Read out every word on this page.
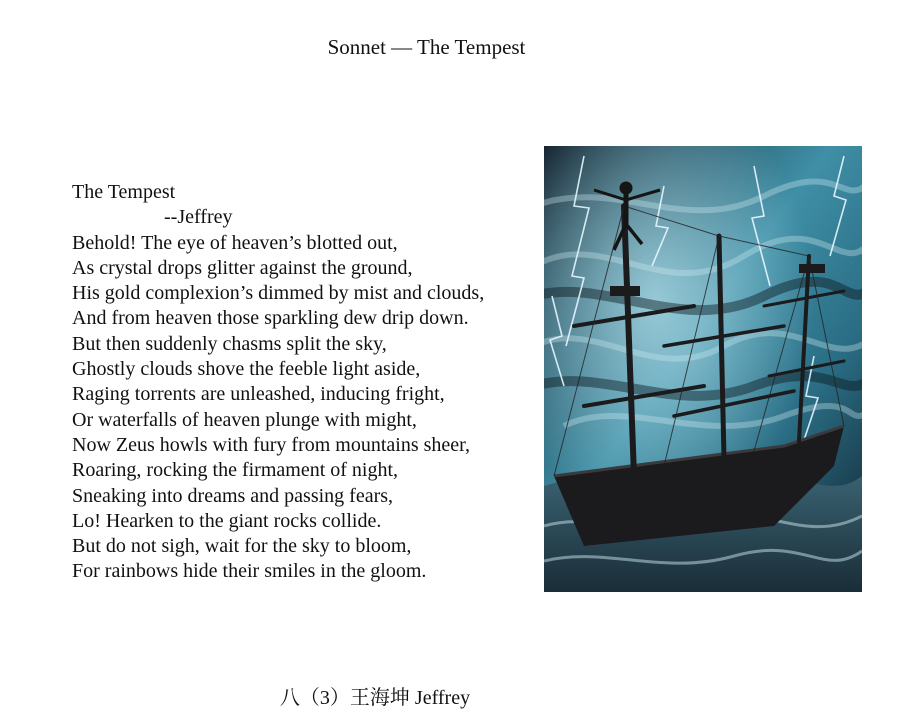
Sonnet — The Tempest
The Tempest
--Jeffrey
Behold! The eye of heaven’s blotted out,
As crystal drops glitter against the ground,
His gold complexion’s dimmed by mist and clouds,
And from heaven those sparkling dew drip down.
But then suddenly chasms split the sky,
Ghostly clouds shove the feeble light aside,
Raging torrents are unleashed, inducing fright,
Or waterfalls of heaven plunge with might,
Now Zeus howls with fury from mountains sheer,
Roaring, rocking the firmament of night,
Sneaking into dreams and passing fears,
Lo! Hearken to the giant rocks collide.
But do not sigh, wait for the sky to bloom,
For rainbows hide their smiles in the gloom.
八（3）王海坤 Jeffrey
